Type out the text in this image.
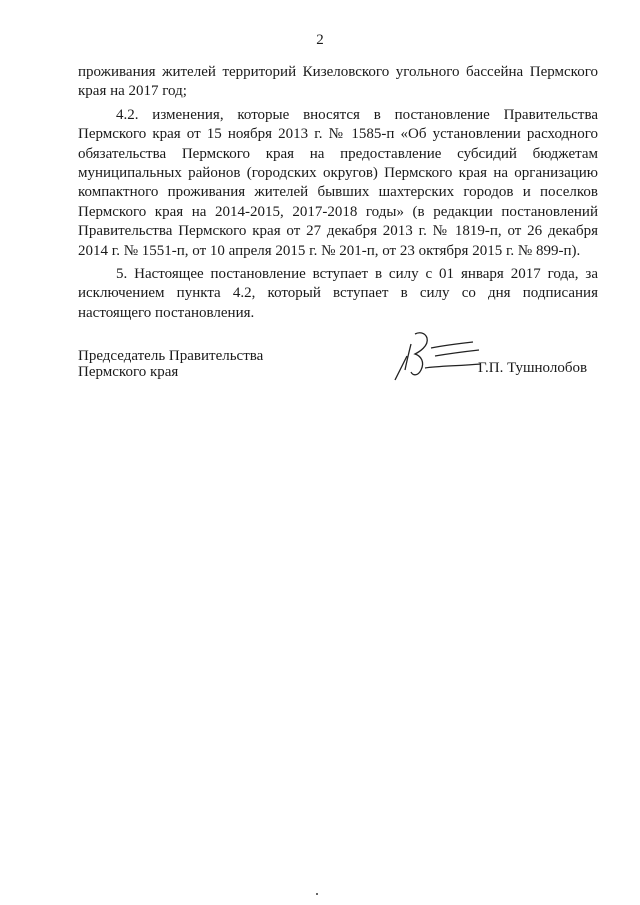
2

проживания жителей территорий Кизеловского угольного бассейна Пермского края на 2017 год;

4.2. изменения, которые вносятся в постановление Правительства Пермского края от 15 ноября 2013 г. № 1585-п «Об установлении расходного обязательства Пермского края на предоставление субсидий бюджетам муниципальных районов (городских округов) Пермского края на организацию компактного проживания жителей бывших шахтерских городов и поселков Пермского края на 2014-2015, 2017-2018 годы» (в редакции постановлений Правительства Пермского края от 27 декабря 2013 г. № 1819-п, от 26 декабря 2014 г. № 1551-п, от 10 апреля 2015 г. № 201-п, от 23 октября 2015 г. № 899-п).

5. Настоящее постановление вступает в силу с 01 января 2017 года, за исключением пункта 4.2, который вступает в силу со дня подписания настоящего постановления.

Председатель Правительства
Пермского края	Г.П. Тушнолобов
